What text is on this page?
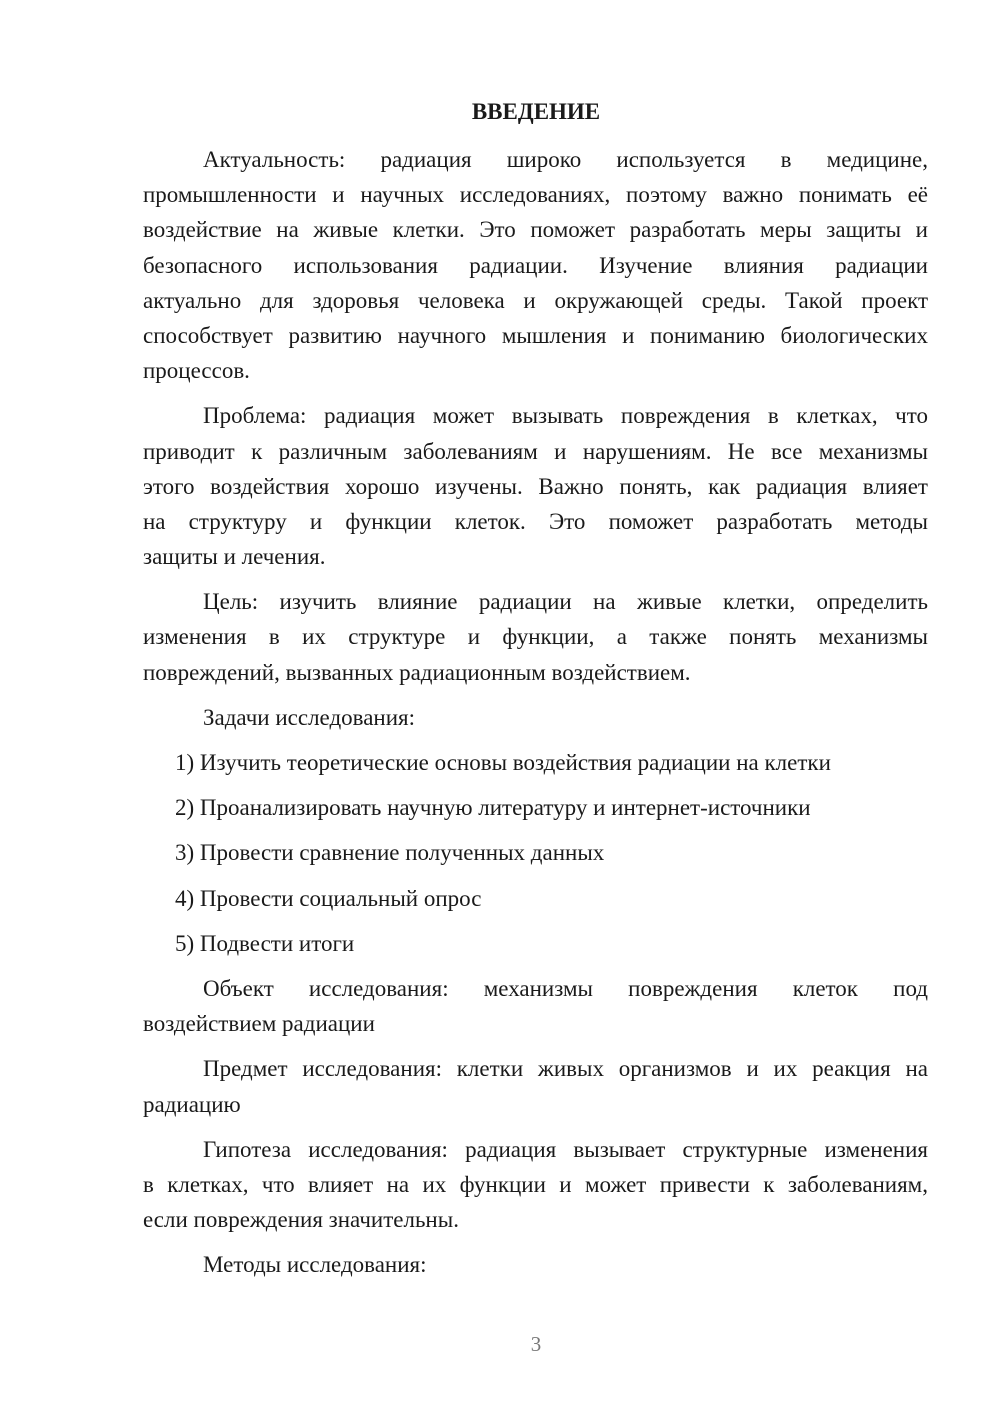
ВВЕДЕНИЕ
Актуальность: радиация широко используется в медицине,
промышленности и научных исследованиях, поэтому важно понимать её
воздействие на живые клетки. Это поможет разработать меры защиты и
безопасного использования радиации. Изучение влияния радиации
актуально для здоровья человека и окружающей среды. Такой проект
способствует развитию научного мышления и пониманию биологических
процессов.
Проблема: радиация может вызывать повреждения в клетках, что
приводит к различным заболеваниям и нарушениям. Не все механизмы
этого воздействия хорошо изучены. Важно понять, как радиация влияет
на структуру и функции клеток. Это поможет разработать методы
защиты и лечения.
Цель: изучить влияние радиации на живые клетки, определить
изменения в их структуре и функции, а также понять механизмы
повреждений, вызванных радиационным воздействием.
Задачи исследования:
1) Изучить теоретические основы воздействия радиации на клетки
2) Проанализировать научную литературу и интернет-источники
3) Провести сравнение полученных данных
4) Провести социальный опрос
5) Подвести итоги
Объект исследования: механизмы повреждения клеток под
воздействием радиации
Предмет исследования: клетки живых организмов и их реакция на
радиацию
Гипотеза исследования: радиация вызывает структурные изменения
в клетках, что влияет на их функции и может привести к заболеваниям,
если повреждения значительны.
Методы исследования:
3
